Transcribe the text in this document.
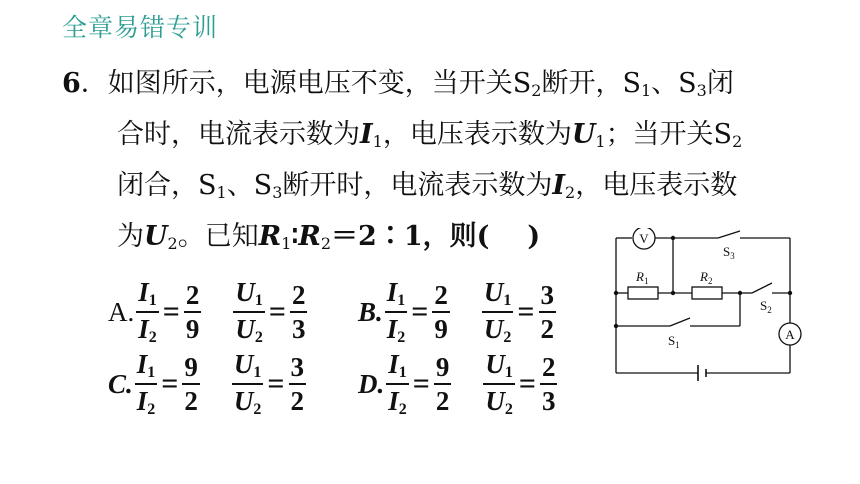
全章易错专训
6．如图所示，电源电压不变，当开关$S_2$断开，$S_1$、$S_3$闭
合时，电流表示数为$I_1$，电压表示数为$U_1$；当开关$S_2$
闭合，$S_1$、$S_3$断开时，电流表示数为$I_2$，电压表示数
为$U_2$。已知$R_1∶R_2=2∶1$，则( )
A. $\frac{I_1}{I_2} = \frac{2}{9} \frac{U_1}{U_2} = \frac{2}{3} B$. $\frac{I_1}{I_2} = \frac{2}{9} \frac{U_1}{U_2} = \frac{3}{2}$
C. $\frac{I_1}{I_2} = \frac{9}{2} \frac{U_1}{U_2} = \frac{3}{2} D$. $\frac{I_1}{I_2} = \frac{9}{2} \frac{U_1}{U_2} = \frac{2}{3}$
V
A
$R_1$	$R_2$
$S_3$
$S_2$
$S_1$
